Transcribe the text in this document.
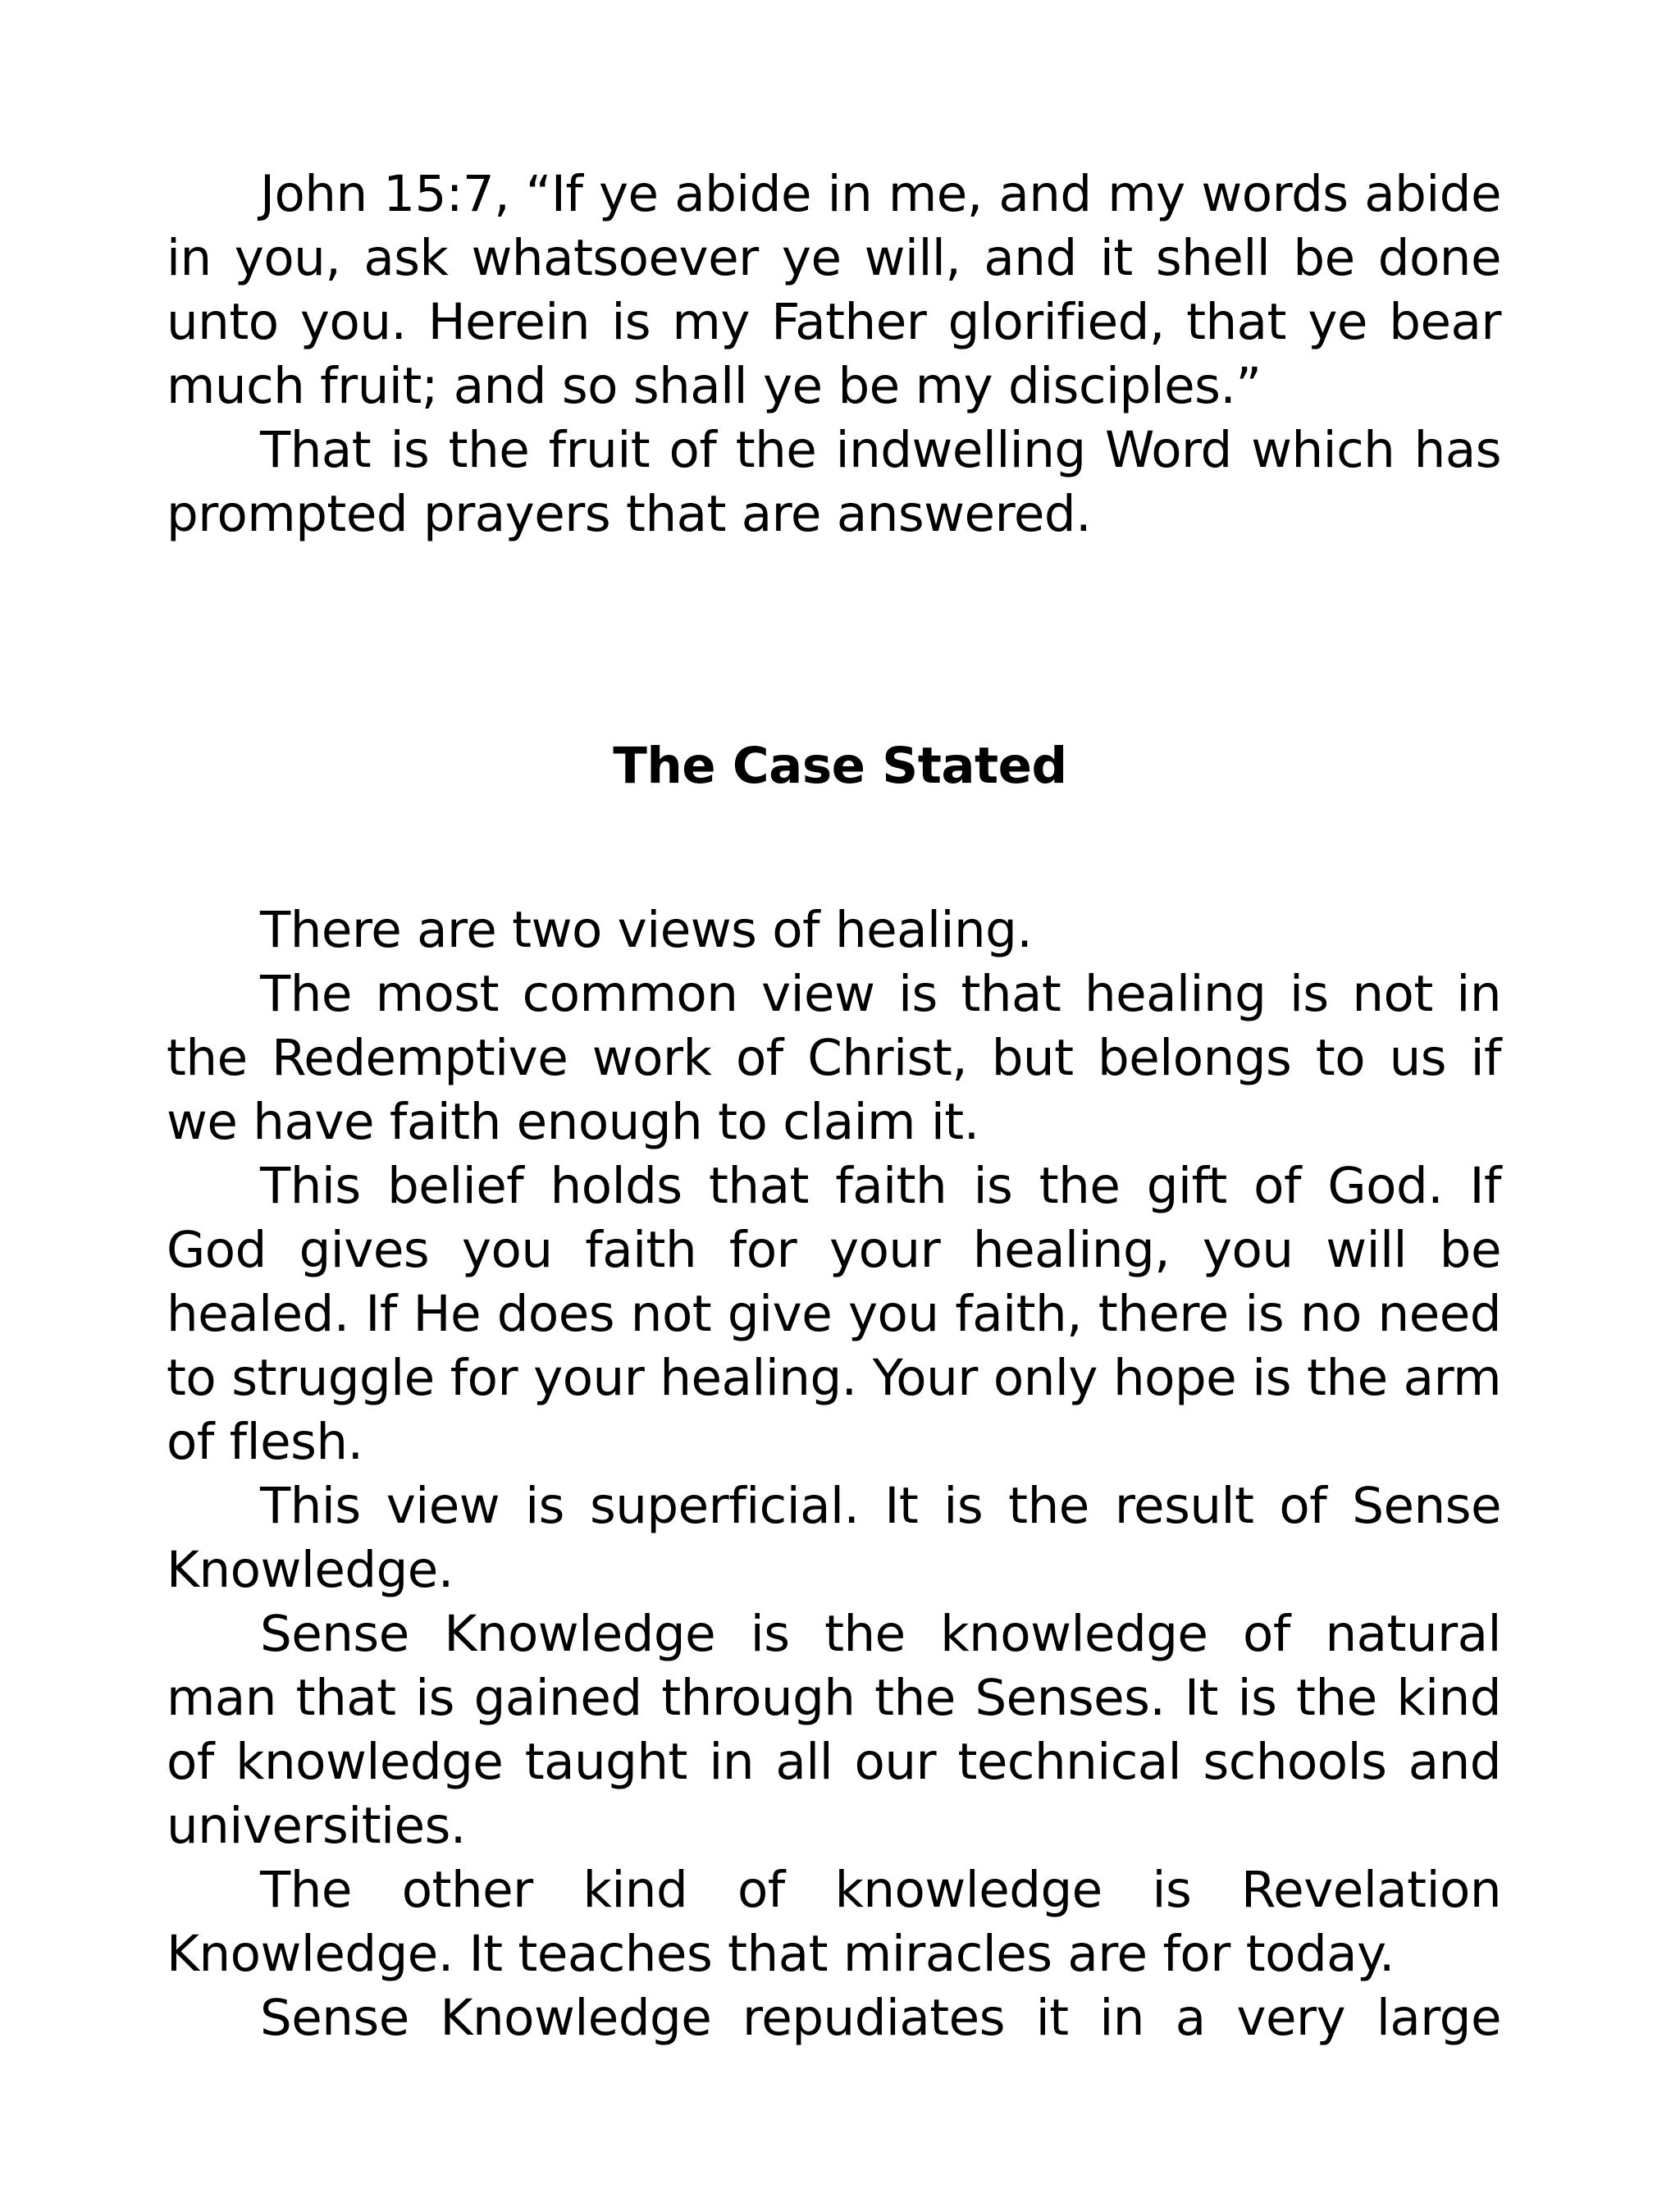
John 15:7, “If ye abide in me, and my words abide in you, ask whatsoever ye will, and it shell be done unto you. Herein is my Father glorified, that ye bear much fruit; and so shall ye be my disciples.”

That is the fruit of the indwelling Word which has prompted prayers that are answered.

The Case Stated

There are two views of healing.

The most common view is that healing is not in the Redemptive work of Christ, but belongs to us if we have faith enough to claim it.

This belief holds that faith is the gift of God. If God gives you faith for your healing, you will be healed. If He does not give you faith, there is no need to struggle for your healing. Your only hope is the arm of flesh.

This view is superficial. It is the result of Sense Knowledge.

Sense Knowledge is the knowledge of natural man that is gained through the Senses. It is the kind of knowledge taught in all our technical schools and universities.

The other kind of knowledge is Revelation Knowledge. It teaches that miracles are for today.

Sense Knowledge repudiates it in a very large
